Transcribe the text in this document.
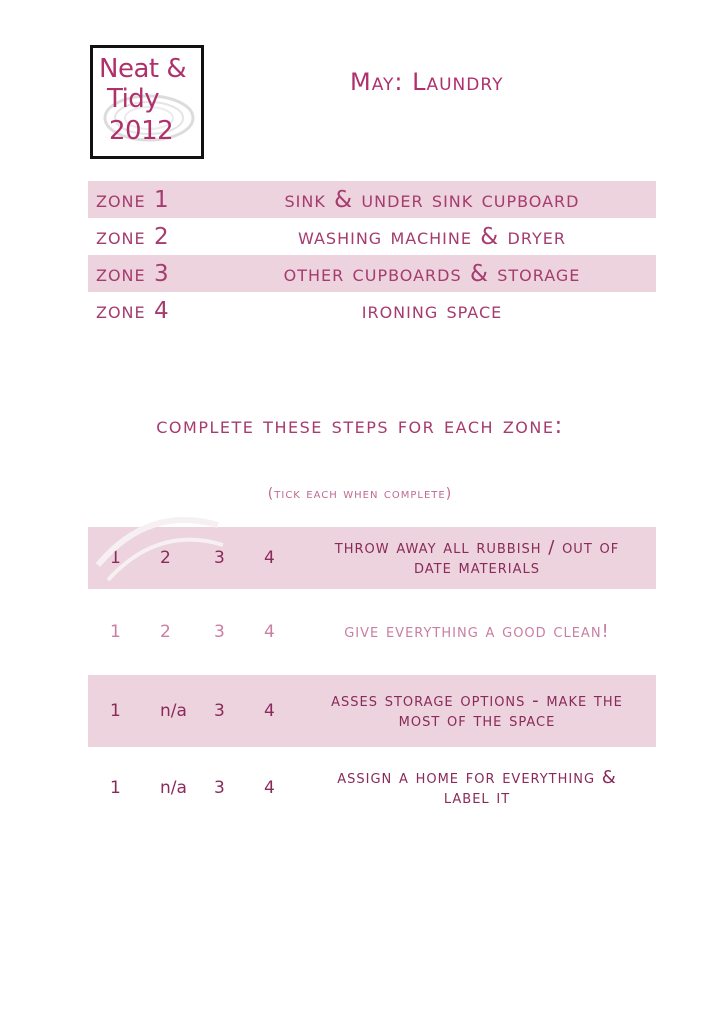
Neat &
Tidy
2012
May: Laundry
zone 1	sink & under sink cupboard
zone 2	washing machine & dryer
zone 3	other cupboards & storage
zone 4	ironing space
complete these steps for each zone:
(tick each when complete)
1 2	3 4	throw away all rubbish / out of date materials
1 2	3 4	give everything a good clean!
1 n/a 3 4	asses storage options - make the most of the space
1 n/a 3 4	assign a home for everything & label it
